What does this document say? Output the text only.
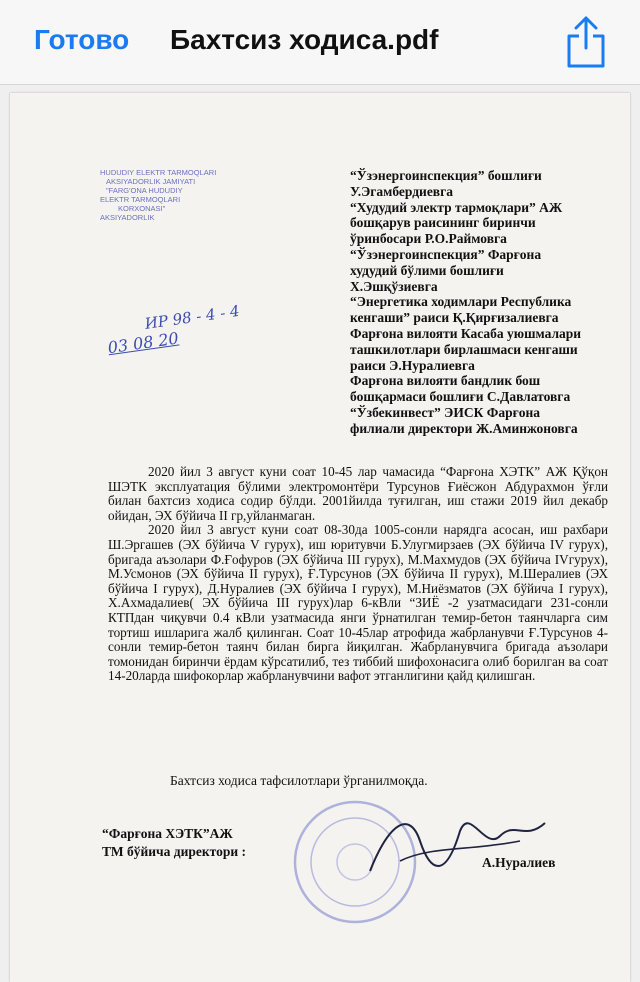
Готово Бахтсиз ходиса.pdf
HUDUDIY ELEKTR TARMOQLARI
AKSIYADORLIK JAMIYATI
"FARG'ONA HUDUDIY
ELEKTR TARMOQLARI
KORXONASI"
AKSIYADORLIK
ИР 98 - 4 - 4
03 08 20
“Ўзэнергоинспекция” бошлиғи
У.Эгамбердиевга
“Худудий электр тармоқлари” АЖ
бошқарув раисининг биринчи
ўринбосари Р.О.Раймовга
“Ўзэнергоинспекция” Фарғона
худудий бўлими бошлиғи
Х.Эшқўзиевга
“Энергетика ходимлари Республика
кенгаши” раиси Қ.Қирғизалиевга
Фарғона вилояти Касаба уюшмалари
ташкилотлари бирлашмаси кенгаши
раиси Э.Нуралиевга
Фарғона вилояти бандлик бош
бошқармаси бошлиғи С.Давлатовга
“Ўзбекинвест” ЭИСК Фарғона
филиали директори Ж.Аминжоновга

2020 йил 3 август куни соат 10-45 лар чамасида “Фарғона ХЭТК” АЖ Қўқон ШЭТК эксплуатация бўлими электромонтёри Турсунов Ғиёсжон Абдурахмон ўғли билан бахтсиз ходиса содир бўлди. 2001йилда туғилган, иш стажи 2019 йил декабр ойидан, ЭХ бўйича II гр,уйланмаган.

2020 йил 3 август куни соат 08-30да 1005-сонли нарядга асосан, иш рахбари Ш.Эргашев (ЭХ бўйича V гурух), иш юритувчи Б.Улугмирзаев (ЭХ бўйича IV гурух), бригада аъзолари Ф.Ғофуров (ЭХ бўйича III гурух), М.Махмудов (ЭХ бўйича IVгурух), М.Усмонов (ЭХ бўйича II гурух), Ғ.Турсунов (ЭХ бўйича II гурух), М.Шералиев (ЭХ бўйича I гурух), Д.Нуралиев (ЭХ бўйича I гурух), М.Ниёзматов (ЭХ бўйича I гурух), Х.Ахмадалиев( ЭХ бўйича III гурух)лар 6-кВли “ЗИЁ -2 узатмасидаги 231-сонли КТПдан чиқувчи 0.4 кВли узатмасида янги ўрнатилган темир-бетон таянчларга сим тортиш ишларига жалб қилинган. Соат 10-45лар атрофида жабрланувчи Ғ.Турсунов 4-сонли темир-бетон таянч билан бирга йиқилган. Жабрланувчига бригада аъзолари томонидан биринчи ёрдам кўрсатилиб, тез тиббий шифохонасига олиб борилган ва соат 14-20ларда шифокорлар жабрланувчини вафот этганлигини қайд қилишган.

Бахтсиз ходиса тафсилотлари ўрганилмоқда.
“Фарғона ХЭТК”АЖ
ТМ бўйича директори :
А.Нуралиев
